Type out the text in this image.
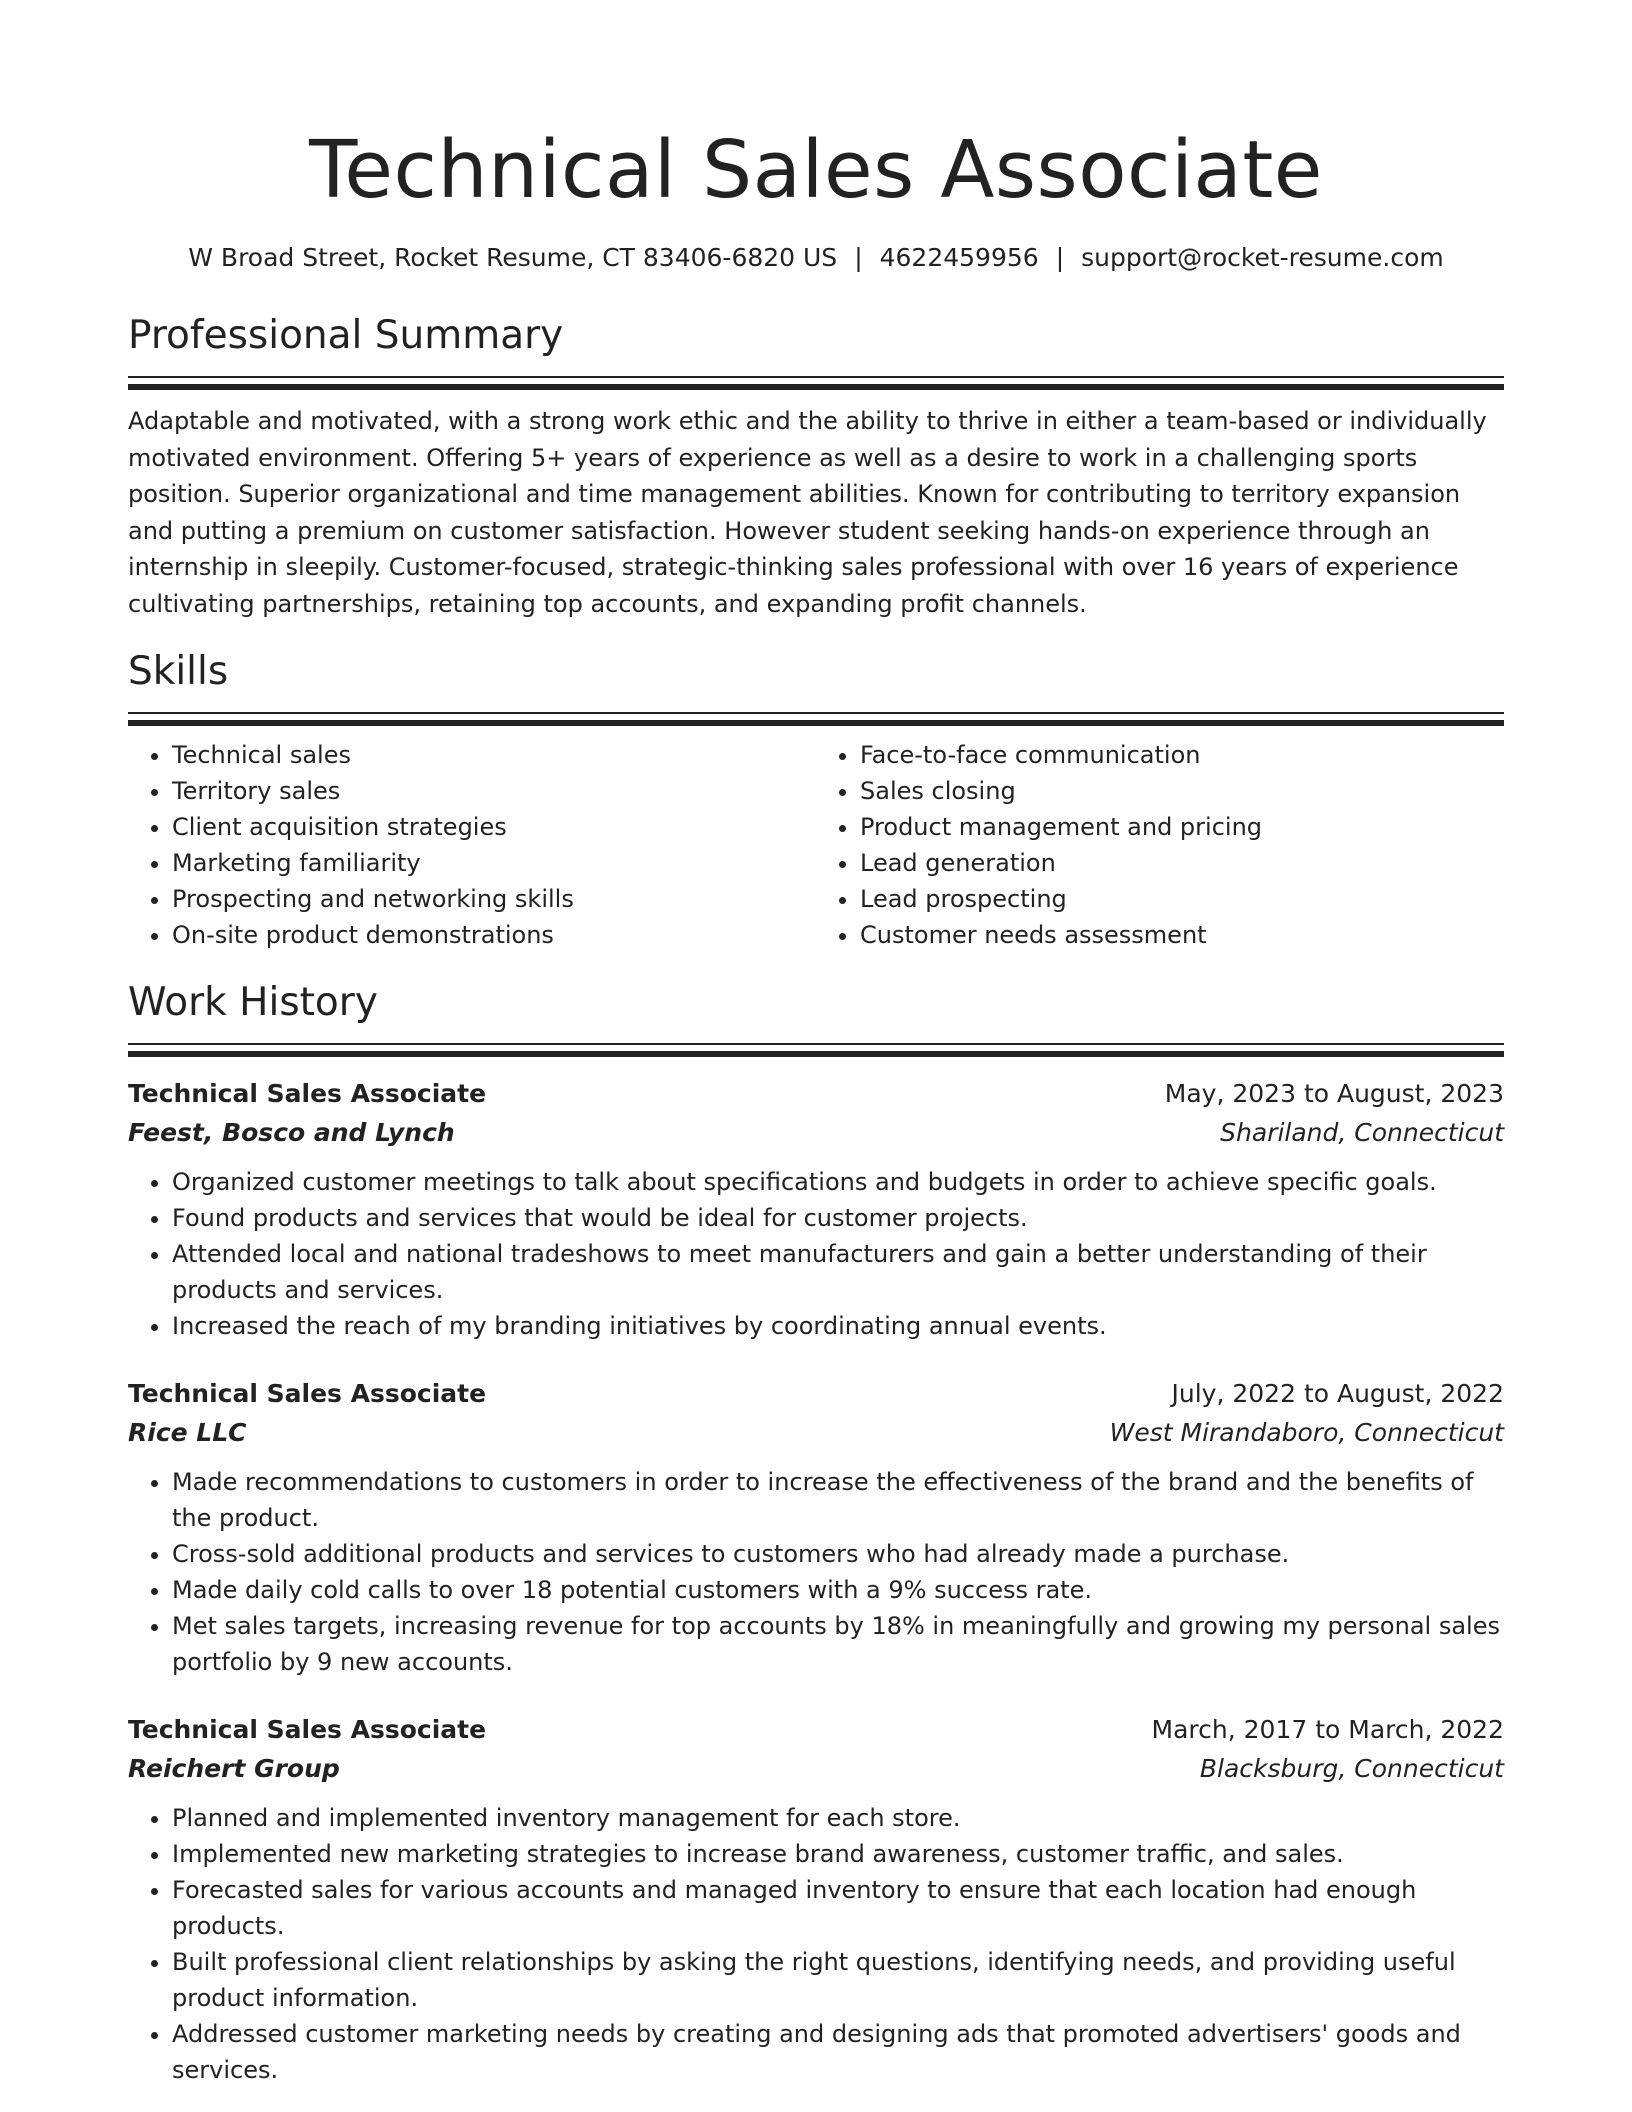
Technical Sales Associate
W Broad Street, Rocket Resume, CT 83406-6820 US | 4622459956 | support@rocket-resume.com
Professional Summary
Adaptable and motivated, with a strong work ethic and the ability to thrive in either a team-based or individually motivated environment. Offering 5+ years of experience as well as a desire to work in a challenging sports position. Superior organizational and time management abilities. Known for contributing to territory expansion and putting a premium on customer satisfaction. However student seeking hands-on experience through an internship in sleepily. Customer-focused, strategic-thinking sales professional with over 16 years of experience cultivating partnerships, retaining top accounts, and expanding profit channels.
Skills
• Technical sales
• Territory sales
• Client acquisition strategies
• Marketing familiarity
• Prospecting and networking skills
• On-site product demonstrations
• Face-to-face communication
• Sales closing
• Product management and pricing
• Lead generation
• Lead prospecting
• Customer needs assessment
Work History
Technical Sales Associate	May, 2023 to August, 2023
Feest, Bosco and Lynch	Shariland, Connecticut
• Organized customer meetings to talk about specifications and budgets in order to achieve specific goals.
• Found products and services that would be ideal for customer projects.
• Attended local and national tradeshows to meet manufacturers and gain a better understanding of their products and services.
• Increased the reach of my branding initiatives by coordinating annual events.
Technical Sales Associate	July, 2022 to August, 2022
Rice LLC	West Mirandaboro, Connecticut
• Made recommendations to customers in order to increase the effectiveness of the brand and the benefits of the product.
• Cross-sold additional products and services to customers who had already made a purchase.
• Made daily cold calls to over 18 potential customers with a 9% success rate.
• Met sales targets, increasing revenue for top accounts by 18% in meaningfully and growing my personal sales portfolio by 9 new accounts.
Technical Sales Associate	March, 2017 to March, 2022
Reichert Group	Blacksburg, Connecticut
• Planned and implemented inventory management for each store.
• Implemented new marketing strategies to increase brand awareness, customer traffic, and sales.
• Forecasted sales for various accounts and managed inventory to ensure that each location had enough products.
• Built professional client relationships by asking the right questions, identifying needs, and providing useful product information.
• Addressed customer marketing needs by creating and designing ads that promoted advertisers' goods and services.
